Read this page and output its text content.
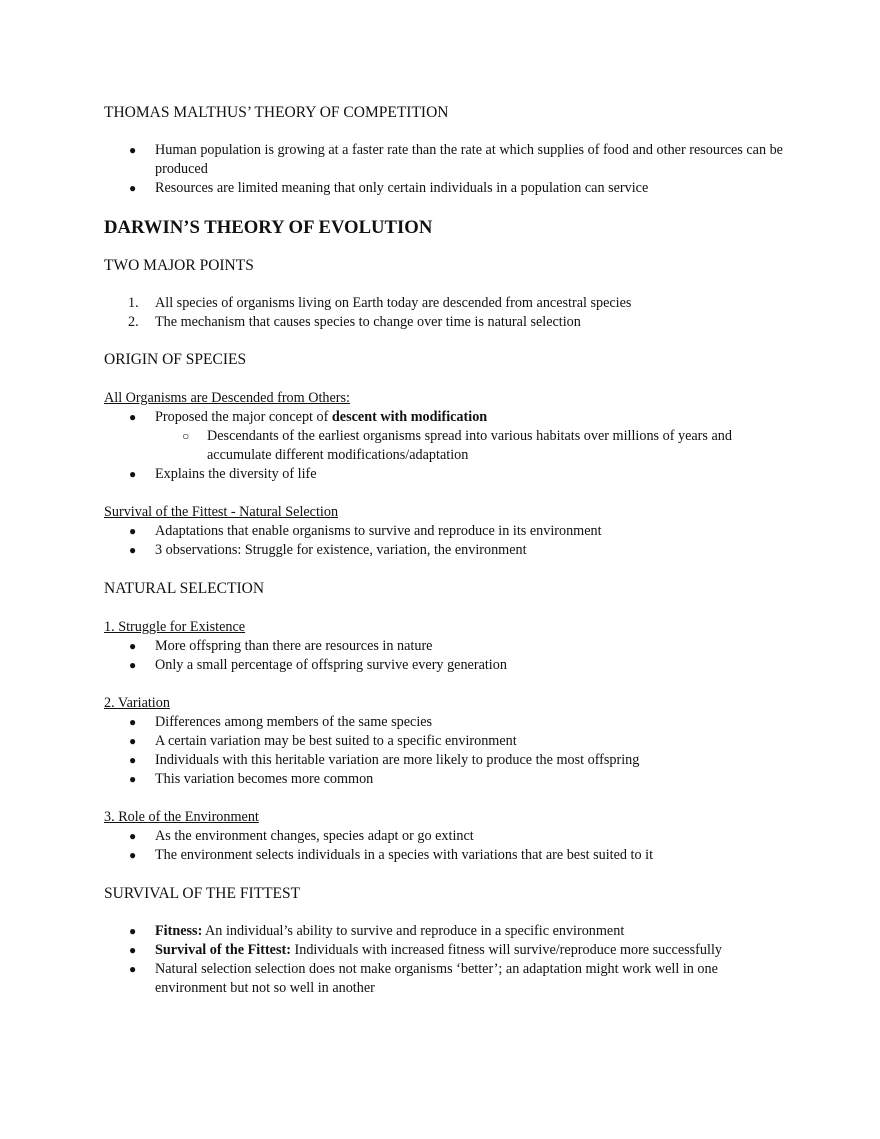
THOMAS MALTHUS’ THEORY OF COMPETITION
● Human population is growing at a faster rate than the rate at which supplies of food and other resources can be produced
● Resources are limited meaning that only certain individuals in a population can service
DARWIN’S THEORY OF EVOLUTION
TWO MAJOR POINTS
1. All species of organisms living on Earth today are descended from ancestral species
2. The mechanism that causes species to change over time is natural selection
ORIGIN OF SPECIES
All Organisms are Descended from Others:
● Proposed the major concept of descent with modification
○ Descendants of the earliest organisms spread into various habitats over millions of years and accumulate different modifications/adaptation
● Explains the diversity of life
Survival of the Fittest - Natural Selection
● Adaptations that enable organisms to survive and reproduce in its environment
● 3 observations: Struggle for existence, variation, the environment
NATURAL SELECTION
1. Struggle for Existence
● More offspring than there are resources in nature
● Only a small percentage of offspring survive every generation
2. Variation
● Differences among members of the same species
● A certain variation may be best suited to a specific environment
● Individuals with this heritable variation are more likely to produce the most offspring
● This variation becomes more common
3. Role of the Environment
● As the environment changes, species adapt or go extinct
● The environment selects individuals in a species with variations that are best suited to it
SURVIVAL OF THE FITTEST
● Fitness: An individual’s ability to survive and reproduce in a specific environment
● Survival of the Fittest: Individuals with increased fitness will survive/reproduce more successfully
● Natural selection selection does not make organisms ‘better’; an adaptation might work well in one environment but not so well in another
